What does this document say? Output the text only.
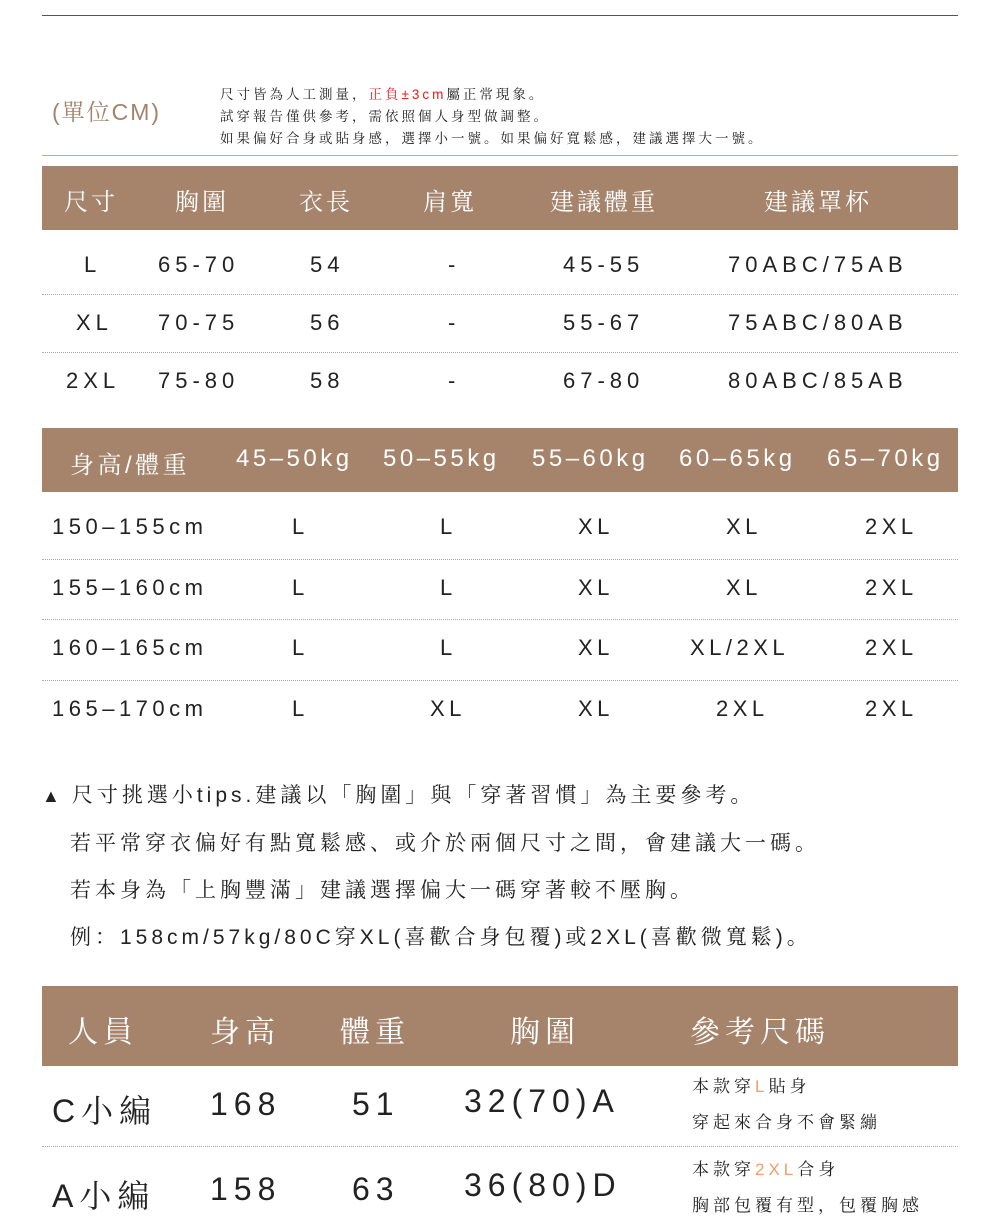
(單位CM)
尺寸皆為人工測量，正負±3cm屬正常現象。
試穿報告僅供參考，需依照個人身型做調整。
如果偏好合身或貼身感，選擇小一號。如果偏好寬鬆感，建議選擇大一號。
尺寸 胸圍	衣長	肩寬	建議體重	建議罩杯
L	65-70	54	-	45-55	70ABC/75AB
XL 70-75	56	-	55-67	75ABC/80AB
2XL 75-80	58	-	67-80	80ABC/85AB
身高/體重 45–50kg 50–55kg 55–60kg 60–65kg 65–70kg
150–155cm	L	L	XL	XL	2XL
155–160cm	L	L	XL	XL	2XL
160–165cm	L	L	XL	XL/2XL	2XL
165–170cm	L	XL	XL	2XL	2XL
▲ 尺寸挑選小tips.建議以「胸圍」與「穿著習慣」為主要參考。
若平常穿衣偏好有點寬鬆感、或介於兩個尺寸之間，會建議大一碼。
若本身為「上胸豐滿」建議選擇偏大一碼穿著較不壓胸。
例：158cm/57kg/80C穿XL(喜歡合身包覆)或2XL(喜歡微寬鬆)。
人員 身高 體重	胸圍	參考尺碼
C小編 168 51 32(70)A	本款穿L貼身
穿起來合身不會緊繃
A小編 158 63 36(80)D	本款穿2XL合身
胸部包覆有型，包覆胸感
